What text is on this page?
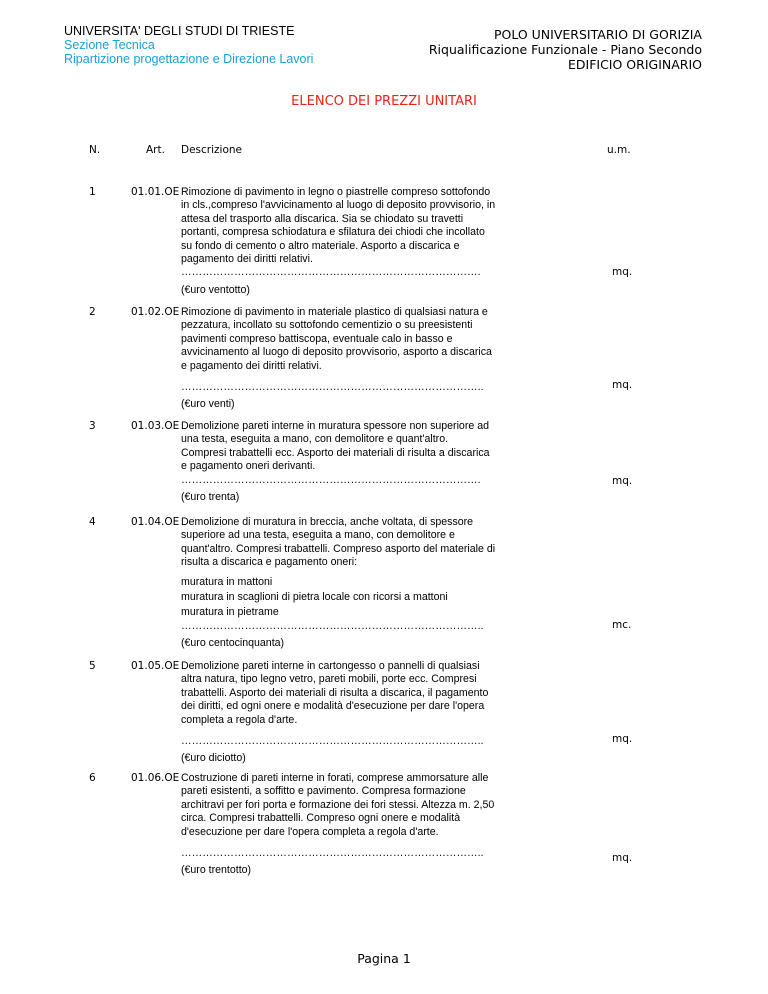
UNIVERSITA' DEGLI STUDI DI TRIESTE
Sezione Tecnica
Ripartizione progettazione e Direzione Lavori
POLO UNIVERSITARIO DI GORIZIA
Riqualificazione Funzionale - Piano Secondo
EDIFICIO ORIGINARIO
ELENCO DEI PREZZI UNITARI
N.	Art. Descrizione	u.m.
1	01.01.OE Rimozione di pavimento in legno o piastrelle compreso sottofondo

in cls.,compreso l'avvicinamento al luogo di deposito provvisorio, in

attesa del trasporto alla discarica. Sia se chiodato su travetti

portanti, compresa schiodatura e sfilatura dei chiodi che incollato

su fondo di cemento o altro materiale. Asporto a discarica e

pagamento dei diritti relativi.

………………………………………………………………………….

(€uro ventotto)

mq.
2	01.02.OE Rimozione di pavimento in materiale plastico di qualsiasi natura e

pezzatura, incollato su sottofondo cementizio o su preesistenti

pavimenti compreso battiscopa, eventuale calo in basso e

avvicinamento al luogo di deposito provvisorio, asporto a discarica

e pagamento dei diritti relativi.

…………………………………………………………………………..

(€uro venti)

mq.
3	01.03.OE Demolizione pareti interne in muratura spessore non superiore ad

una testa, eseguita a mano, con demolitore e quant'altro.

Compresi trabattelli ecc. Asporto dei materiali di risulta a discarica

e pagamento oneri derivanti.

………………………………………………………………………….

(€uro trenta)

mq.
4	01.04.OE Demolizione di muratura in breccia, anche voltata, di spessore

superiore ad una testa, eseguita a mano, con demolitore e

quant'altro. Compresi trabattelli. Compreso asporto del materiale di

risulta a discarica e pagamento oneri:

muratura in mattoni

muratura in scaglioni di pietra locale con ricorsi a mattoni

muratura in pietrame

…………………………………………………………………………..

(€uro centocinquanta)

mc.
5	01.05.OE Demolizione pareti interne in cartongesso o pannelli di qualsiasi

altra natura, tipo legno vetro, pareti mobili, porte ecc. Compresi

trabattelli. Asporto dei materiali di risulta a discarica, il pagamento

dei diritti, ed ogni onere e modalità d'esecuzione per dare l'opera

completa a regola d'arte.

…………………………………………………………………………..

(€uro diciotto)

mq.
6	01.06.OE Costruzione di pareti interne in forati, comprese ammorsature alle

pareti esistenti, a soffitto e pavimento. Compresa formazione

architravi per fori porta e formazione dei fori stessi. Altezza m. 2,50

circa. Compresi trabattelli. Compreso ogni onere e modalità

d'esecuzione per dare l'opera completa a regola d'arte.

…………………………………………………………………………..

(€uro trentotto)

mq.
Pagina 1
